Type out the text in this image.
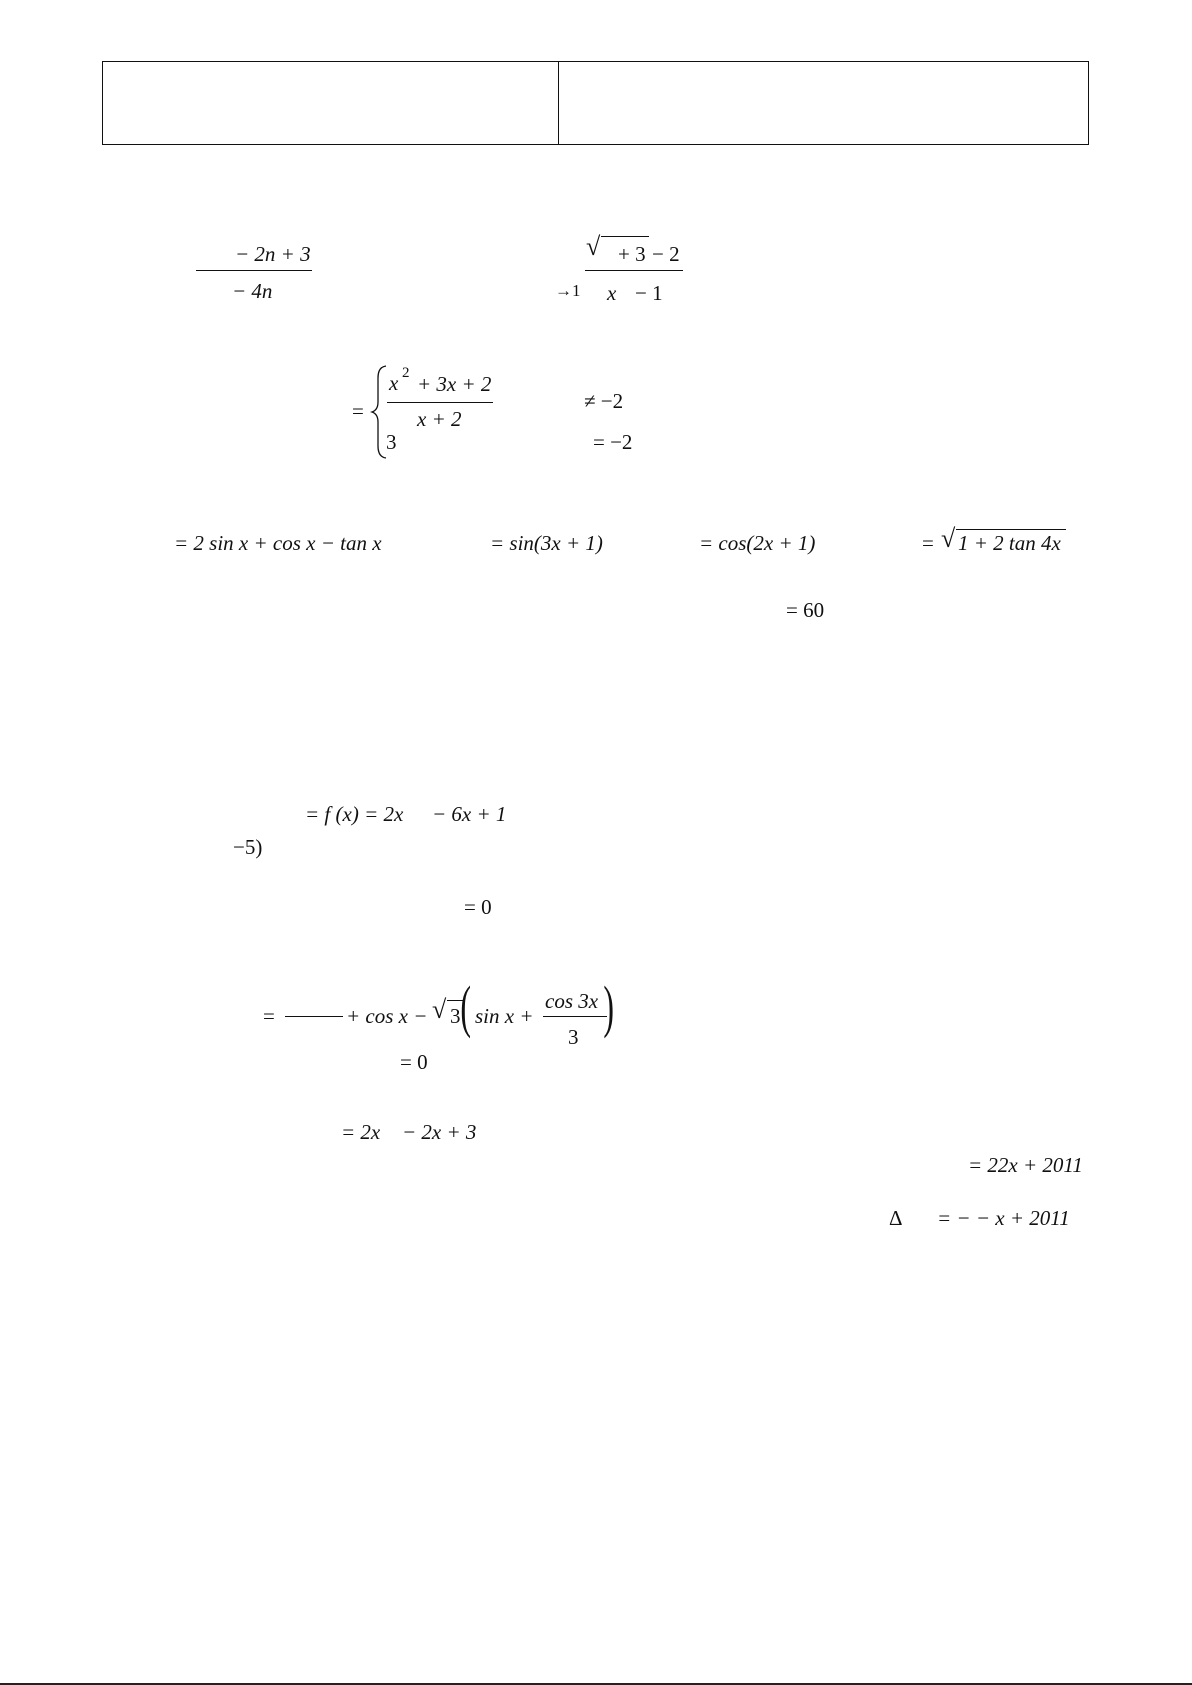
− 2n + 3
− 4n	→1
√ + 3 − 2
x − 1
=
x 2 + 3x + 2
x + 2
≠ −2
3	= −2
= 2 sin x + cos x − tan x	= sin(3x + 1)	= cos(2x + 1)	= √ 1 + 2 tan 4x
= 60
= f (x) = 2x − 6x + 1
−5)
= 0
=	+ cos x − √ 3 ( sin x +
cos 3x
3 )
= 0
= 2x − 2x + 3
= 22x + 2011
Δ = − − x + 2011
